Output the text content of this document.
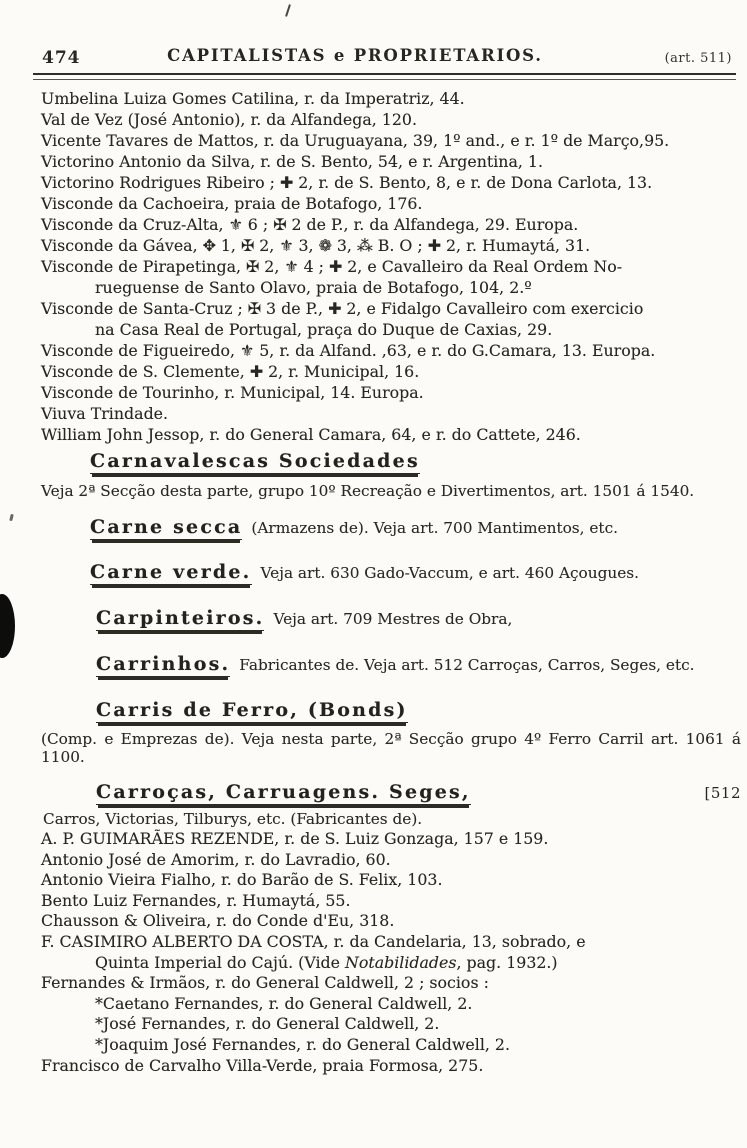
474	CAPITALISTAS e PROPRIETARIOS.	(art. 511)
Umbelina Luiza Gomes Catilina, r. da Imperatriz, 44.
Val de Vez (José Antonio), r. da Alfandega, 120.
Vicente Tavares de Mattos, r. da Uruguayana, 39, 1º and., e r. 1º de Março,95.
Victorino Antonio da Silva, r. de S. Bento, 54, e r. Argentina, 1.
Victorino Rodrigues Ribeiro ; ✚ 2, r. de S. Bento, 8, e r. de Dona Carlota, 13.
Visconde da Cachoeira, praia de Botafogo, 176.
Visconde da Cruz-Alta, ⚜ 6 ; ✠ 2 de P., r. da Alfandega, 29. Europa.
Visconde da Gávea, ✥ 1, ✠ 2, ⚜ 3, ❁ 3, ⁂ B. O ; ✚ 2, r. Humaytá, 31.
Visconde de Pirapetinga, ✠ 2, ⚜ 4 ; ✚ 2, e Cavalleiro da Real Ordem No-
rueguense de Santo Olavo, praia de Botafogo, 104, 2.º
Visconde de Santa-Cruz ; ✠ 3 de P., ✚ 2, e Fidalgo Cavalleiro com exercicio
na Casa Real de Portugal, praça do Duque de Caxias, 29.
Visconde de Figueiredo, ⚜ 5, r. da Alfand. ,63, e r. do G.Camara, 13. Europa.
Visconde de S. Clemente, ✚ 2, r. Municipal, 16.
Visconde de Tourinho, r. Municipal, 14. Europa.
Viuva Trindade.
William John Jessop, r. do General Camara, 64, e r. do Cattete, 246.
Carnavalescas Sociedades
Veja 2ª Secção desta parte, grupo 10º Recreação e Divertimentos, art. 1501 á 1540.
Carne secca (Armazens de). Veja art. 700 Mantimentos, etc.
Carne verde. Veja art. 630 Gado-Vaccum, e art. 460 Açougues.
Carpinteiros. Veja art. 709 Mestres de Obra,
Carrinhos. Fabricantes de. Veja art. 512 Carroças, Carros, Seges, etc.
Carris de Ferro, (Bonds)
(Comp. e Emprezas de). Veja nesta parte, 2ª Secção grupo 4º Ferro Carril art. 1061 á 1100.
Carroças, Carruagens. Seges,	[512
Carros, Victorias, Tilburys, etc. (Fabricantes de).
A. P. GUIMARÃES REZENDE, r. de S. Luiz Gonzaga, 157 e 159.
Antonio José de Amorim, r. do Lavradio, 60.
Antonio Vieira Fialho, r. do Barão de S. Felix, 103.
Bento Luiz Fernandes, r. Humaytá, 55.
Chausson & Oliveira, r. do Conde d'Eu, 318.
F. CASIMIRO ALBERTO DA COSTA, r. da Candelaria, 13, sobrado, e
Quinta Imperial do Cajú. (Vide Notabilidades, pag. 1932.)
Fernandes & Irmãos, r. do General Caldwell, 2 ; socios :
*Caetano Fernandes, r. do General Caldwell, 2.
*José Fernandes, r. do General Caldwell, 2.
*Joaquim José Fernandes, r. do General Caldwell, 2.
Francisco de Carvalho Villa-Verde, praia Formosa, 275.
